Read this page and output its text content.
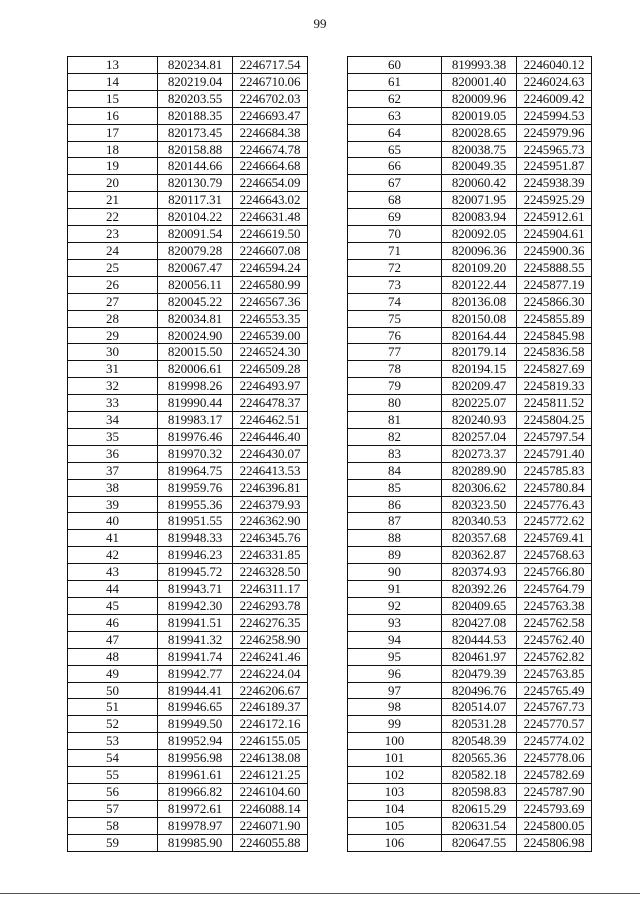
99
13	820234.81	2246717.54
14	820219.04	2246710.06
15	820203.55	2246702.03
16	820188.35	2246693.47
17	820173.45	2246684.38
18	820158.88	2246674.78
19	820144.66	2246664.68
20	820130.79	2246654.09
21	820117.31	2246643.02
22	820104.22	2246631.48
23	820091.54	2246619.50
24	820079.28	2246607.08
25	820067.47	2246594.24
26	820056.11	2246580.99
27	820045.22	2246567.36
28	820034.81	2246553.35
29	820024.90	2246539.00
30	820015.50	2246524.30
31	820006.61	2246509.28
32	819998.26	2246493.97
33	819990.44	2246478.37
34	819983.17	2246462.51
35	819976.46	2246446.40
36	819970.32	2246430.07
37	819964.75	2246413.53
38	819959.76	2246396.81
39	819955.36	2246379.93
40	819951.55	2246362.90
41	819948.33	2246345.76
42	819946.23	2246331.85
43	819945.72	2246328.50
44	819943.71	2246311.17
45	819942.30	2246293.78
46	819941.51	2246276.35
47	819941.32	2246258.90
48	819941.74	2246241.46
49	819942.77	2246224.04
50	819944.41	2246206.67
51	819946.65	2246189.37
52	819949.50	2246172.16
53	819952.94	2246155.05
54	819956.98	2246138.08
55	819961.61	2246121.25
56	819966.82	2246104.60
57	819972.61	2246088.14
58	819978.97	2246071.90
59	819985.90	2246055.88
60	819993.38	2246040.12
61	820001.40	2246024.63
62	820009.96	2246009.42
63	820019.05	2245994.53
64	820028.65	2245979.96
65	820038.75	2245965.73
66	820049.35	2245951.87
67	820060.42	2245938.39
68	820071.95	2245925.29
69	820083.94	2245912.61
70	820092.05	2245904.61
71	820096.36	2245900.36
72	820109.20	2245888.55
73	820122.44	2245877.19
74	820136.08	2245866.30
75	820150.08	2245855.89
76	820164.44	2245845.98
77	820179.14	2245836.58
78	820194.15	2245827.69
79	820209.47	2245819.33
80	820225.07	2245811.52
81	820240.93	2245804.25
82	820257.04	2245797.54
83	820273.37	2245791.40
84	820289.90	2245785.83
85	820306.62	2245780.84
86	820323.50	2245776.43
87	820340.53	2245772.62
88	820357.68	2245769.41
89	820362.87	2245768.63
90	820374.93	2245766.80
91	820392.26	2245764.79
92	820409.65	2245763.38
93	820427.08	2245762.58
94	820444.53	2245762.40
95	820461.97	2245762.82
96	820479.39	2245763.85
97	820496.76	2245765.49
98	820514.07	2245767.73
99	820531.28	2245770.57
100	820548.39	2245774.02
101	820565.36	2245778.06
102	820582.18	2245782.69
103	820598.83	2245787.90
104	820615.29	2245793.69
105	820631.54	2245800.05
106	820647.55	2245806.98
